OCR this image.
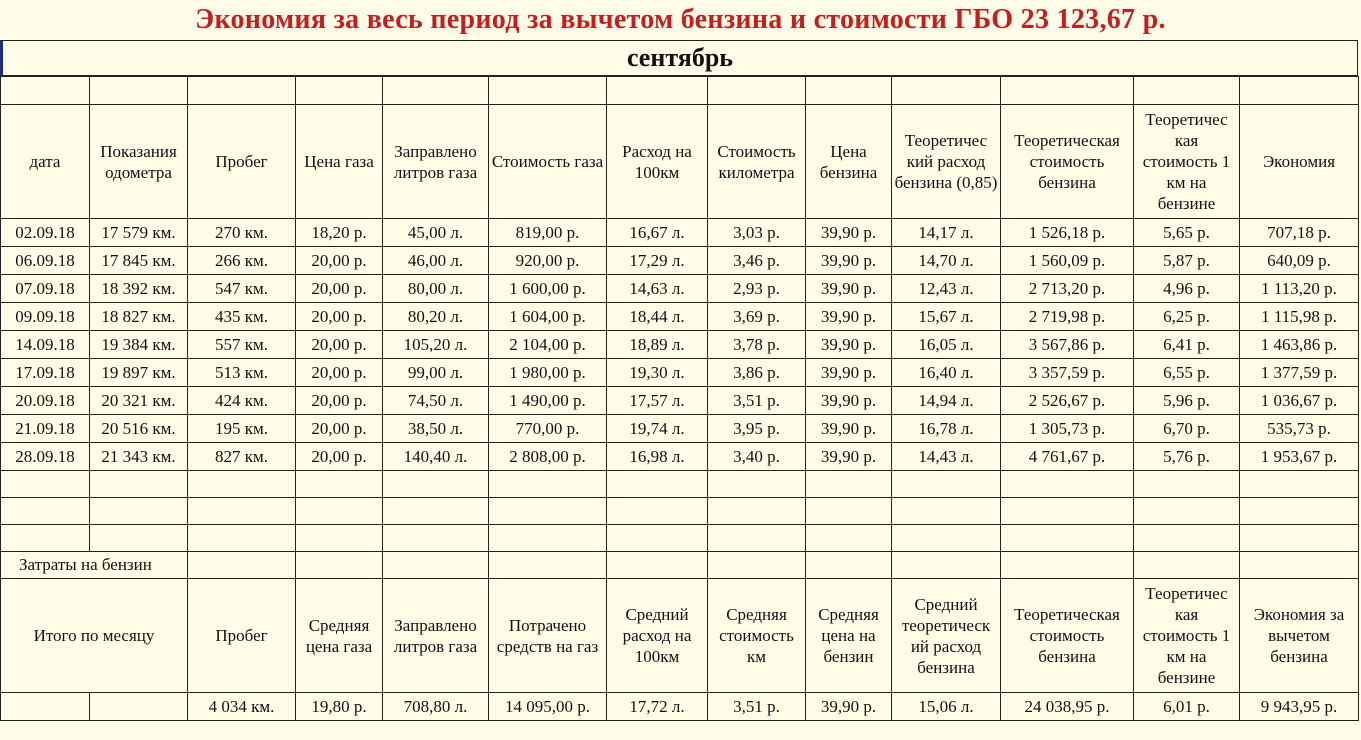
Экономия за весь период за вычетом бензина и стоимости ГБО 23 123,67 р.
сентябрь

дата	Показания одометра	Пробег	Цена газа	Заправлено литров газа	Стоимость газа	Расход на 100км	Стоимость километра	Цена бензина	Теоретичес кий расход бензина (0,85)	Теоретическая стоимость бензина	Теоретичес кая стоимость 1 км на бензине	Экономия
02.09.18	17 579 км.	270 км.	18,20 р.	45,00 л.	819,00 р.	16,67 л.	3,03 р.	39,90 р.	14,17 л.	1 526,18 р.	5,65 р.	707,18 р.
06.09.18	17 845 км.	266 км.	20,00 р.	46,00 л.	920,00 р.	17,29 л.	3,46 р.	39,90 р.	14,70 л.	1 560,09 р.	5,87 р.	640,09 р.
07.09.18	18 392 км.	547 км.	20,00 р.	80,00 л.	1 600,00 р.	14,63 л.	2,93 р.	39,90 р.	12,43 л.	2 713,20 р.	4,96 р.	1 113,20 р.
09.09.18	18 827 км.	435 км.	20,00 р.	80,20 л.	1 604,00 р.	18,44 л.	3,69 р.	39,90 р.	15,67 л.	2 719,98 р.	6,25 р.	1 115,98 р.
14.09.18	19 384 км.	557 км.	20,00 р.	105,20 л.	2 104,00 р.	18,89 л.	3,78 р.	39,90 р.	16,05 л.	3 567,86 р.	6,41 р.	1 463,86 р.
17.09.18	19 897 км.	513 км.	20,00 р.	99,00 л.	1 980,00 р.	19,30 л.	3,86 р.	39,90 р.	16,40 л.	3 357,59 р.	6,55 р.	1 377,59 р.
20.09.18	20 321 км.	424 км.	20,00 р.	74,50 л.	1 490,00 р.	17,57 л.	3,51 р.	39,90 р.	14,94 л.	2 526,67 р.	5,96 р.	1 036,67 р.
21.09.18	20 516 км.	195 км.	20,00 р.	38,50 л.	770,00 р.	19,74 л.	3,95 р.	39,90 р.	16,78 л.	1 305,73 р.	6,70 р.	535,73 р.
28.09.18	21 343 км.	827 км.	20,00 р.	140,40 л.	2 808,00 р.	16,98 л.	3,40 р.	39,90 р.	14,43 л.	4 761,67 р.	5,76 р.	1 953,67 р.

Затраты на бензин												
Итого по месяцу		Пробег	Средняя цена газа	Заправлено литров газа	Потрачено средств на газ	Средний расход на 100км	Средняя стоимость км	Средняя цена на бензин	Средний теоретическ ий расход бензина	Теоретическая стоимость бензина	Теоретичес кая стоимость 1 км на бензине	Экономия за вычетом бензина
		4 034 км.	19,80 р.	708,80 л.	14 095,00 р.	17,72 л.	3,51 р.	39,90 р.	15,06 л.	24 038,95 р.	6,01 р.	9 943,95 р.
